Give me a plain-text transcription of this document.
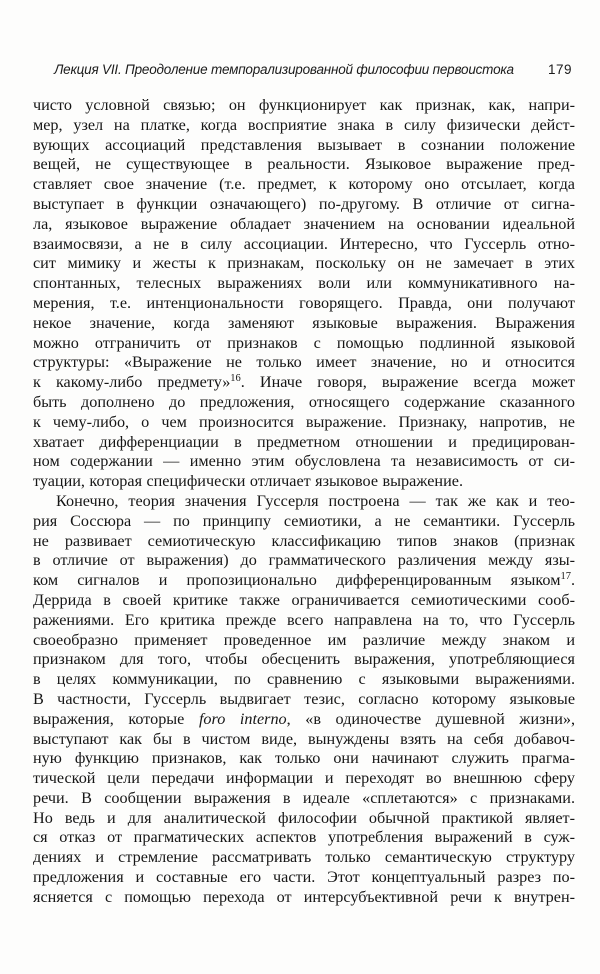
Лекция VII. Преодоление темпорализированной философии первоистока	179
чисто условной связью; он функционирует как признак, как, напри-
мер, узел на платке, когда восприятие знака в силу физически дейст-
вующих ассоциаций представления вызывает в сознании положение
вещей, не существующее в реальности. Языковое выражение пред-
ставляет свое значение (т.е. предмет, к которому оно отсылает, когда
выступает в функции означающего) по-другому. В отличие от сигна-
ла, языковое выражение обладает значением на основании идеальной
взаимосвязи, а не в силу ассоциации. Интересно, что Гуссерль отно-
сит мимику и жесты к признакам, поскольку он не замечает в этих
спонтанных, телесных выражениях воли или коммуникативного на-
мерения, т.е. интенциональности говорящего. Правда, они получают
некое значение, когда заменяют языковые выражения. Выражения
можно отграничить от признаков с помощью подлинной языковой
структуры: «Выражение не только имеет значение, но и относится
к какому-либо предмету»$^{16}$. Иначе говоря, выражение всегда может
быть дополнено до предложения, относящего содержание сказанного
к чему-либо, о чем произносится выражение. Признаку, напротив, не
хватает дифференциации в предметном отношении и предицирован-
ном содержании — именно этим обусловлена та независимость от си-
туации, которая специфически отличает языковое выражение.
Конечно, теория значения Гуссерля построена — так же как и тео-
рия Соссюра — по принципу семиотики, а не семантики. Гуссерль
не развивает семиотическую классификацию типов знаков (признак
в отличие от выражения) до грамматического различения между язы-
ком сигналов и пропозиционально дифференцированным языком$^{17}$.
Деррида в своей критике также ограничивается семиотическими сооб-
ражениями. Его критика прежде всего направлена на то, что Гуссерль
своеобразно применяет проведенное им различие между знаком и
признаком для того, чтобы обесценить выражения, употребляющиеся
в целях коммуникации, по сравнению с языковыми выражениями.
В частности, Гуссерль выдвигает тезис, согласно которому языковые
выражения, которые foro interno, «в одиночестве душевной жизни»,
выступают как бы в чистом виде, вынуждены взять на себя добавоч-
ную функцию признаков, как только они начинают служить прагма-
тической цели передачи информации и переходят во внешнюю сферу
речи. В сообщении выражения в идеале «сплетаются» с признаками.
Но ведь и для аналитической философии обычной практикой являет-
ся отказ от прагматических аспектов употребления выражений в суж-
дениях и стремление рассматривать только семантическую структуру
предложения и составные его части. Этот концептуальный разрез по-
ясняется с помощью перехода от интерсубъективной речи к внутрен-
